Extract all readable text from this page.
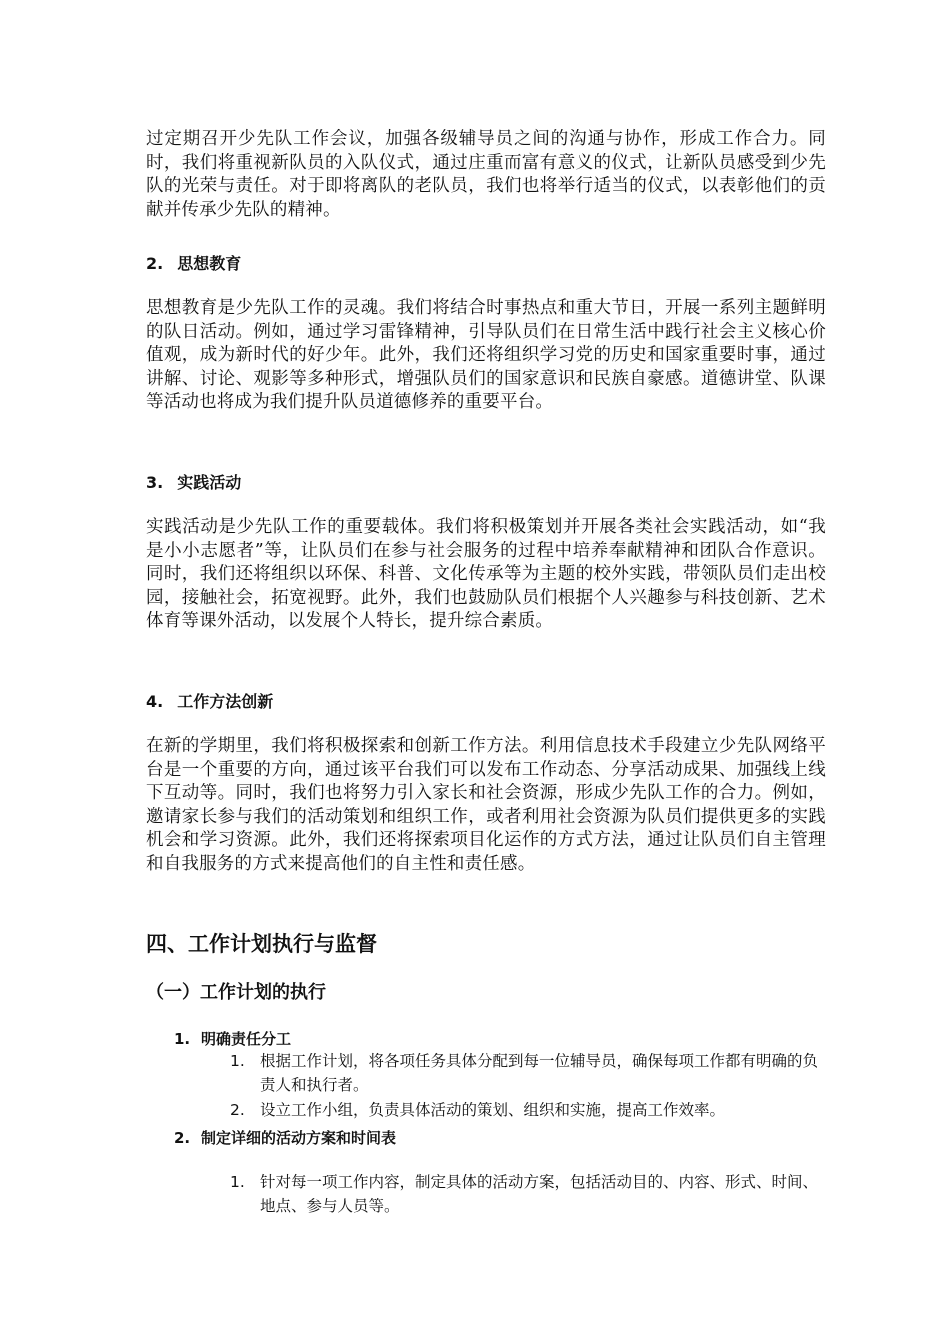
过定期召开少先队工作会议，加强各级辅导员之间的沟通与协作，形成工作合力。同时，我们将重视新队员的入队仪式，通过庄重而富有意义的仪式，让新队员感受到少先队的光荣与责任。对于即将离队的老队员，我们也将举行适当的仪式，以表彰他们的贡献并传承少先队的精神。

2. 思想教育

思想教育是少先队工作的灵魂。我们将结合时事热点和重大节日，开展一系列主题鲜明的队日活动。例如，通过学习雷锋精神，引导队员们在日常生活中践行社会主义核心价值观，成为新时代的好少年。此外，我们还将组织学习党的历史和国家重要时事，通过讲解、讨论、观影等多种形式，增强队员们的国家意识和民族自豪感。道德讲堂、队课等活动也将成为我们提升队员道德修养的重要平台。

3. 实践活动

实践活动是少先队工作的重要载体。我们将积极策划并开展各类社会实践活动，如“我是小小志愿者”等，让队员们在参与社会服务的过程中培养奉献精神和团队合作意识。同时，我们还将组织以环保、科普、文化传承等为主题的校外实践，带领队员们走出校园，接触社会，拓宽视野。此外，我们也鼓励队员们根据个人兴趣参与科技创新、艺术体育等课外活动，以发展个人特长，提升综合素质。

4. 工作方法创新

在新的学期里，我们将积极探索和创新工作方法。利用信息技术手段建立少先队网络平台是一个重要的方向，通过该平台我们可以发布工作动态、分享活动成果、加强线上线下互动等。同时，我们也将努力引入家长和社会资源，形成少先队工作的合力。例如，邀请家长参与我们的活动策划和组织工作，或者利用社会资源为队员们提供更多的实践机会和学习资源。此外，我们还将探索项目化运作的方式方法，通过让队员们自主管理和自我服务的方式来提高他们的自主性和责任感。

四、工作计划执行与监督
（一）工作计划的执行

1. 明确责任分工

1. 根据工作计划，将各项任务具体分配到每一位辅导员，确保每项工作都有明确的负责人和执行者。

2. 设立工作小组，负责具体活动的策划、组织和实施，提高工作效率。

2. 制定详细的活动方案和时间表

1. 针对每一项工作内容，制定具体的活动方案，包括活动目的、内容、形式、时间、地点、参与人员等。
